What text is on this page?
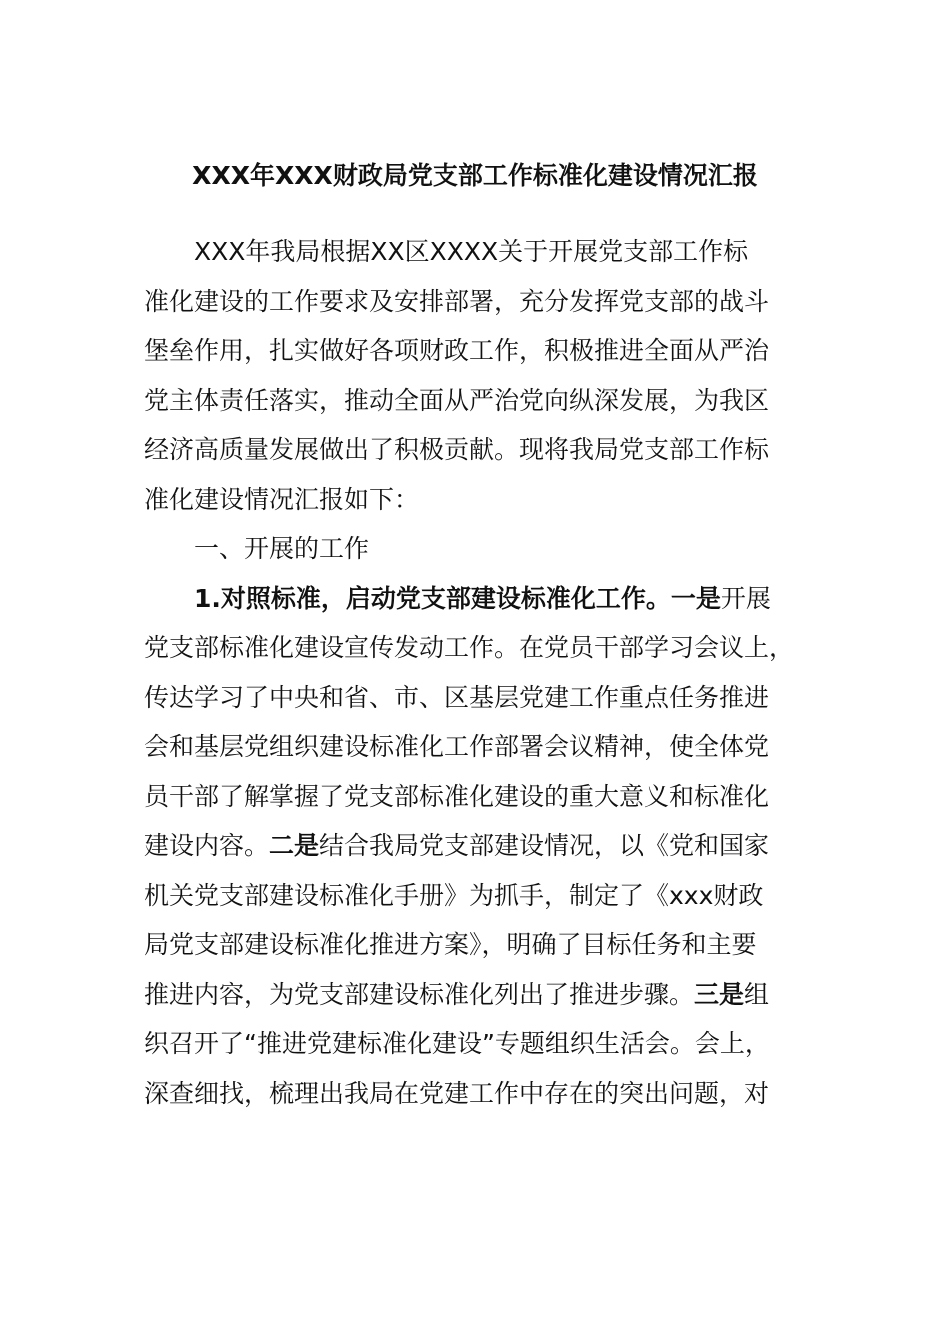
XXX年XXX财政局党支部工作标准化建设情况汇报
XXX年我局根据XX区XXXX关于开展党支部工作标
准化建设的工作要求及安排部署，充分发挥党支部的战斗
堡垒作用，扎实做好各项财政工作，积极推进全面从严治
党主体责任落实，推动全面从严治党向纵深发展，为我区
经济高质量发展做出了积极贡献。现将我局党支部工作标
准化建设情况汇报如下：
一、开展的工作
1.对照标准，启动党支部建设标准化工作。一是开展
党支部标准化建设宣传发动工作。在党员干部学习会议上，
传达学习了中央和省、市、区基层党建工作重点任务推进
会和基层党组织建设标准化工作部署会议精神，使全体党
员干部了解掌握了党支部标准化建设的重大意义和标准化
建设内容。二是结合我局党支部建设情况，以《党和国家
机关党支部建设标准化手册》为抓手，制定了《xxx财政
局党支部建设标准化推进方案》，明确了目标任务和主要
推进内容，为党支部建设标准化列出了推进步骤。三是组
织召开了“推进党建标准化建设”专题组织生活会。会上，
深查细找，梳理出我局在党建工作中存在的突出问题，对
